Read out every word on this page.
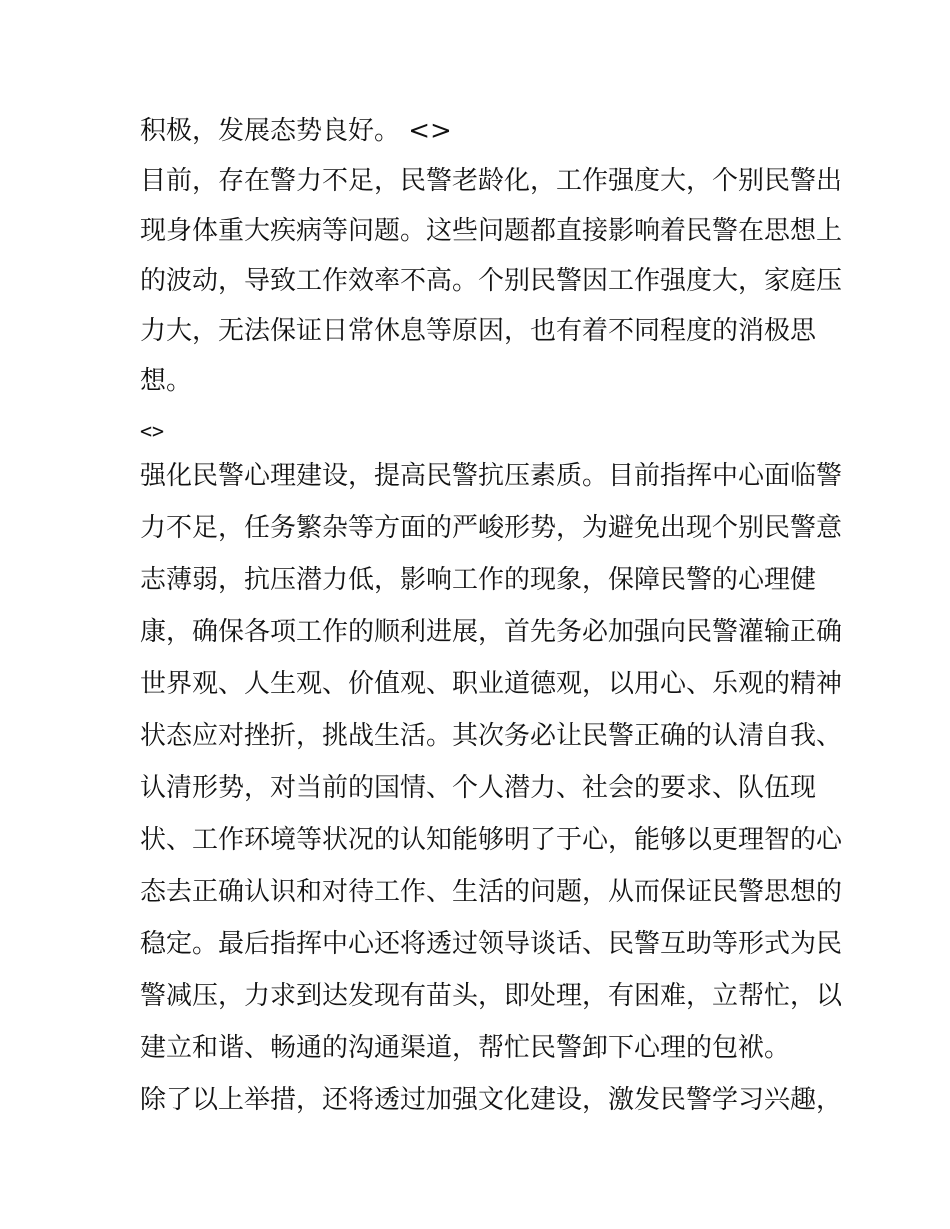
积极，发展态势良好。 <>
目前，存在警力不足，民警老龄化，工作强度大，个别民警出
现身体重大疾病等问题。这些问题都直接影响着民警在思想上
的波动，导致工作效率不高。个别民警因工作强度大，家庭压
力大，无法保证日常休息等原因，也有着不同程度的消极思
想。
<>
强化民警心理建设，提高民警抗压素质。目前指挥中心面临警
力不足，任务繁杂等方面的严峻形势，为避免出现个别民警意
志薄弱，抗压潜力低，影响工作的现象，保障民警的心理健
康，确保各项工作的顺利进展，首先务必加强向民警灌输正确
世界观、人生观、价值观、职业道德观，以用心、乐观的精神
状态应对挫折，挑战生活。其次务必让民警正确的认清自我、
认清形势，对当前的国情、个人潜力、社会的要求、队伍现
状、工作环境等状况的认知能够明了于心，能够以更理智的心
态去正确认识和对待工作、生活的问题，从而保证民警思想的
稳定。最后指挥中心还将透过领导谈话、民警互助等形式为民
警减压，力求到达发现有苗头，即处理，有困难，立帮忙，以
建立和谐、畅通的沟通渠道，帮忙民警卸下心理的包袱。
除了以上举措，还将透过加强文化建设，激发民警学习兴趣，
